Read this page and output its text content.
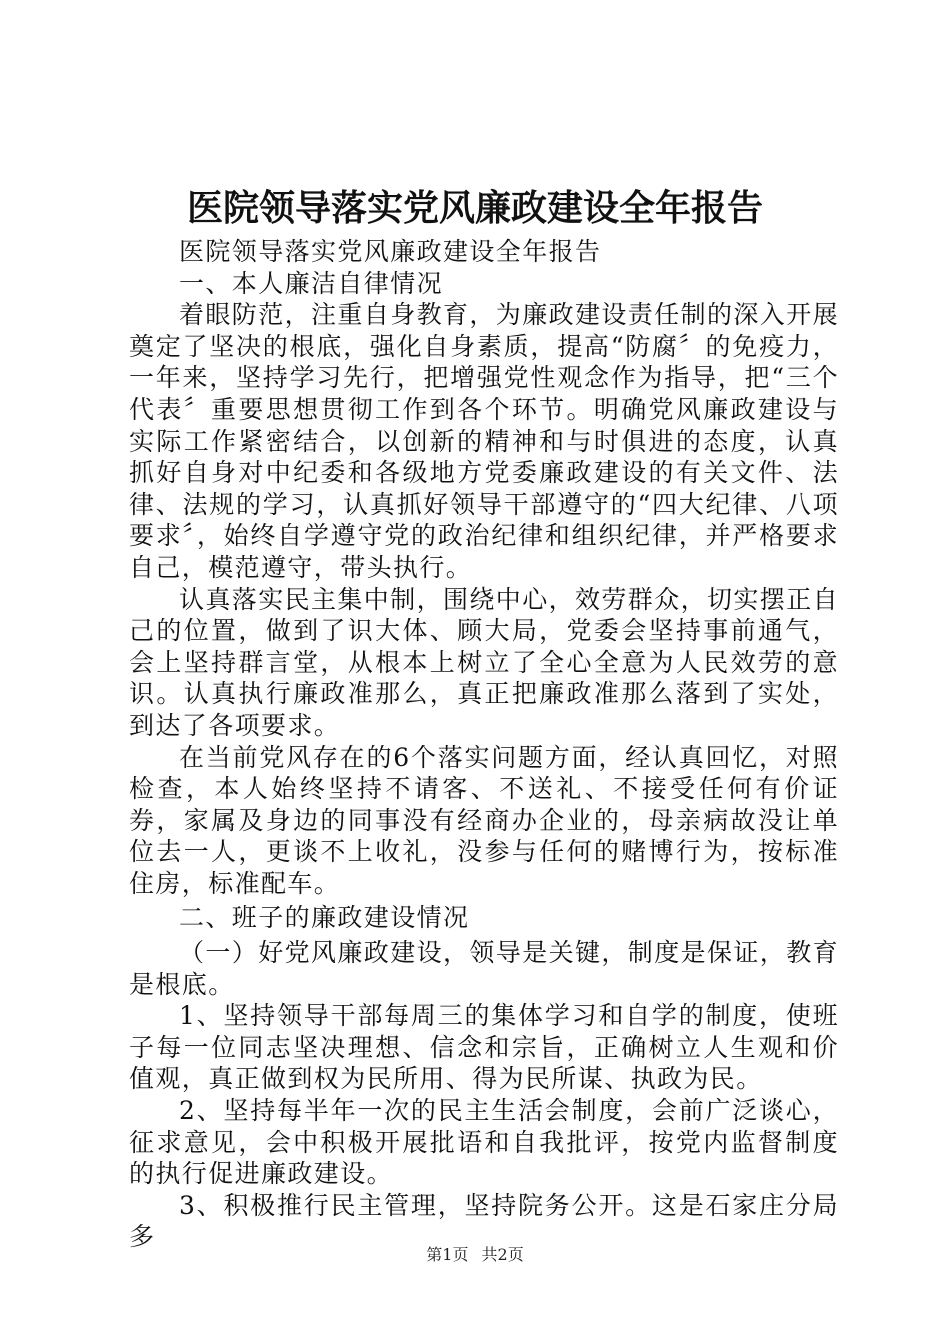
医院领导落实党风廉政建设全年报告

医院领导落实党风廉政建设全年报告

一、本人廉洁自律情况

着眼防范，注重自身教育，为廉政建设责任制的深入开展奠定了坚决的根底，强化自身素质，提高“防腐〞的免疫力，一年来，坚持学习先行，把增强党性观念作为指导，把“三个代表〞重要思想贯彻工作到各个环节。明确党风廉政建设与实际工作紧密结合，以创新的精神和与时俱进的态度，认真抓好自身对中纪委和各级地方党委廉政建设的有关文件、法律、法规的学习，认真抓好领导干部遵守的“四大纪律、八项要求〞，始终自学遵守党的政治纪律和组织纪律，并严格要求自己，模范遵守，带头执行。

认真落实民主集中制，围绕中心，效劳群众，切实摆正自己的位置，做到了识大体、顾大局，党委会坚持事前通气，会上坚持群言堂，从根本上树立了全心全意为人民效劳的意识。认真执行廉政准那么，真正把廉政准那么落到了实处，到达了各项要求。

在当前党风存在的6个落实问题方面，经认真回忆，对照检查，本人始终坚持不请客、不送礼、不接受任何有价证券，家属及身边的同事没有经商办企业的，母亲病故没让单位去一人，更谈不上收礼，没参与任何的赌博行为，按标准住房，标准配车。

二、班子的廉政建设情况

（一）好党风廉政建设，领导是关键，制度是保证，教育是根底。

1、坚持领导干部每周三的集体学习和自学的制度，使班子每一位同志坚决理想、信念和宗旨，正确树立人生观和价值观，真正做到权为民所用、得为民所谋、执政为民。

2、坚持每半年一次的民主生活会制度，会前广泛谈心，征求意见，会中积极开展批语和自我批评，按党内监督制度的执行促进廉政建设。

3、积极推行民主管理，坚持院务公开。这是石家庄分局多

第1页 共2页
